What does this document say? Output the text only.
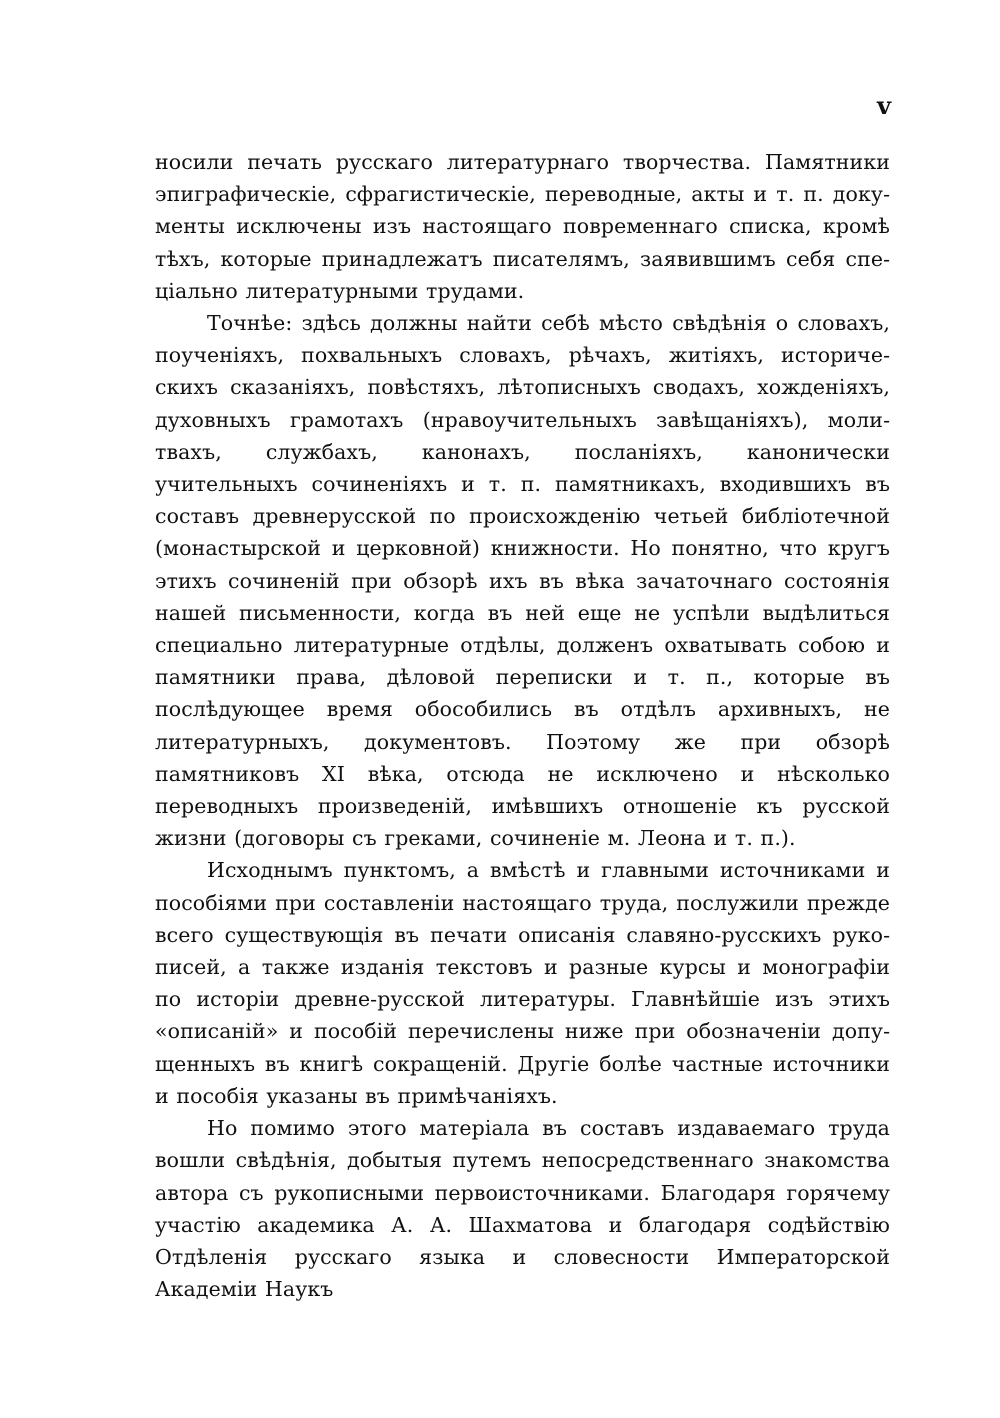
v

носили печать русскаго литературнаго творчества. Памятники эпиграфическіе, сфрагистическіе, переводные, акты и т. п. документы исключены изъ настоящаго повременнаго списка, кромѣ тѣхъ, которые принадлежатъ писателямъ, заявившимъ себя спеціально литературными трудами.

Точнѣе: здѣсь должны найти себѣ мѣсто свѣдѣнія о словахъ, поученіяхъ, похвальныхъ словахъ, рѣчахъ, житіяхъ, историческихъ сказаніяхъ, повѣстяхъ, лѣтописныхъ сводахъ, хожденіяхъ, духовныхъ грамотахъ (нравоучительныхъ завѣщаніяхъ), молитвахъ, службахъ, канонахъ, посланіяхъ, канонически учительныхъ сочиненіяхъ и т. п. памятникахъ, входившихъ въ составъ древнерусской по происхожденію четьей библіотечной (монастырской и церковной) книжности. Но понятно, что кругъ этихъ сочиненій при обзорѣ ихъ въ вѣка зачаточнаго состоянія нашей письменности, когда въ ней еще не успѣли выдѣлиться специально литературные отдѣлы, долженъ охватывать собою и памятники права, дѣловой переписки и т. п., которые въ послѣдующее время обособились въ отдѣлъ архивныхъ, не литературныхъ, документовъ. Поэтому же при обзорѣ памятниковъ XI вѣка, отсюда не исключено и нѣсколько переводныхъ произведеній, имѣвшихъ отношеніе къ русской жизни (договоры съ греками, сочиненіе м. Леона и т. п.).

Исходнымъ пунктомъ, а вмѣстѣ и главными источниками и пособіями при составленіи настоящаго труда, послужили прежде всего существующія въ печати описанія славяно-русскихъ рукописей, а также изданія текстовъ и разные курсы и монографіи по исторіи древне-русской литературы. Главнѣйшіе изъ этихъ «описаній» и пособій перечислены ниже при обозначеніи допущенныхъ въ книгѣ сокращеній. Другіе болѣе частные источники и пособія указаны въ примѣчаніяхъ.

Но помимо этого матеріала въ составъ издаваемаго труда вошли свѣдѣнія, добытыя путемъ непосредственнаго знакомства автора съ рукописными первоисточниками. Благодаря горячему участію академика А. А. Шахматова и благодаря содѣйствію Отдѣленія русскаго языка и словесности Императорской Академіи Наукъ
